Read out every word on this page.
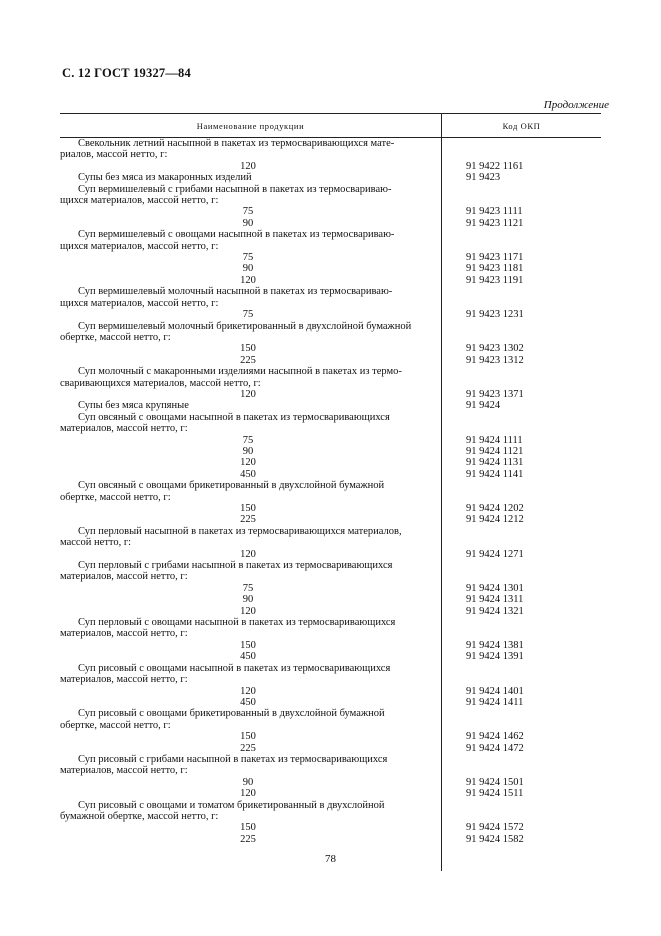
С. 12 ГОСТ 19327—84
Продолжение
Наименование продукции	Код ОКП
Свекольник летний насыпной в пакетах из термосваривающихся мате-
риалов, массой нетто, г:
120	91 9422 1161
Супы без мяса из макаронных изделий	91 9423
Суп вермишелевый с грибами насыпной в пакетах из термосвариваю-
щихся материалов, массой нетто, г:
75	91 9423 1111
90	91 9423 1121
Суп вермишелевый с овощами насыпной в пакетах из термосвариваю-
щихся материалов, массой нетто, г:
75	91 9423 1171
90	91 9423 1181
120	91 9423 1191
Суп вермишелевый молочный насыпной в пакетах из термосвариваю-
щихся материалов, массой нетто, г:
75	91 9423 1231
Суп вермишелевый молочный брикетированный в двухслойной бумажной
обертке, массой нетто, г:
150	91 9423 1302
225	91 9423 1312
Суп молочный с макаронными изделиями насыпной в пакетах из термо-
сваривающихся материалов, массой нетто, г:
120	91 9423 1371
Супы без мяса крупяные	91 9424
Суп овсяный с овощами насыпной в пакетах из термосваривающихся
материалов, массой нетто, г:
75	91 9424 1111
90	91 9424 1121
120	91 9424 1131
450	91 9424 1141
Суп овсяный с овощами брикетированный в двухслойной бумажной
обертке, массой нетто, г:
150	91 9424 1202
225	91 9424 1212
Суп перловый насыпной в пакетах из термосваривающихся материалов,
массой нетто, г:
120	91 9424 1271
Суп перловый с грибами насыпной в пакетах из термосваривающихся
материалов, массой нетто, г:
75	91 9424 1301
90	91 9424 1311
120	91 9424 1321
Суп перловый с овощами насыпной в пакетах из термосваривающихся
материалов, массой нетто, г:
150	91 9424 1381
450	91 9424 1391
Суп рисовый с овощами насыпной в пакетах из термосваривающихся
материалов, массой нетто, г:
120	91 9424 1401
450	91 9424 1411
Суп рисовый с овощами брикетированный в двухслойной бумажной
обертке, массой нетто, г:
150	91 9424 1462
225	91 9424 1472
Суп рисовый с грибами насыпной в пакетах из термосваривающихся
материалов, массой нетто, г:
90	91 9424 1501
120	91 9424 1511
Суп рисовый с овощами и томатом брикетированный в двухслойной
бумажной обертке, массой нетто, г:
150	91 9424 1572
225	91 9424 1582
78
